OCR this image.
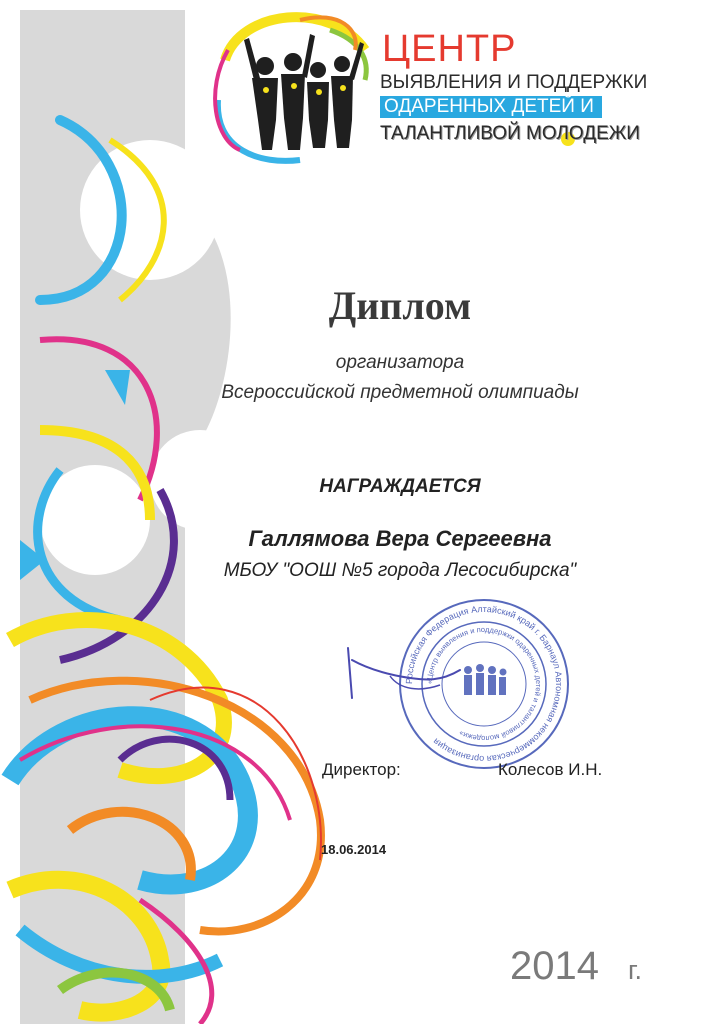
ЦЕНТР
ВЫЯВЛЕНИЯ И ПОДДЕРЖКИ
ОДАРЕННЫХ ДЕТЕЙ И
ТАЛАНТЛИВОЙ МОЛОДЕЖИ
Диплом
организатора
Всероссийской предметной олимпиады
НАГРАЖДАЕТСЯ
Галлямова Вера Сергеевна
МБОУ "ООШ №5 города Лесосибирска"
Российская Федерация Алтайский край г. Барнаул Автономная некоммерческая организация
«Центр выявления и поддержки одаренных детей и талантливой молодежи»
Директор:	Колесов И.Н.
18.06.2014
2014 г.
